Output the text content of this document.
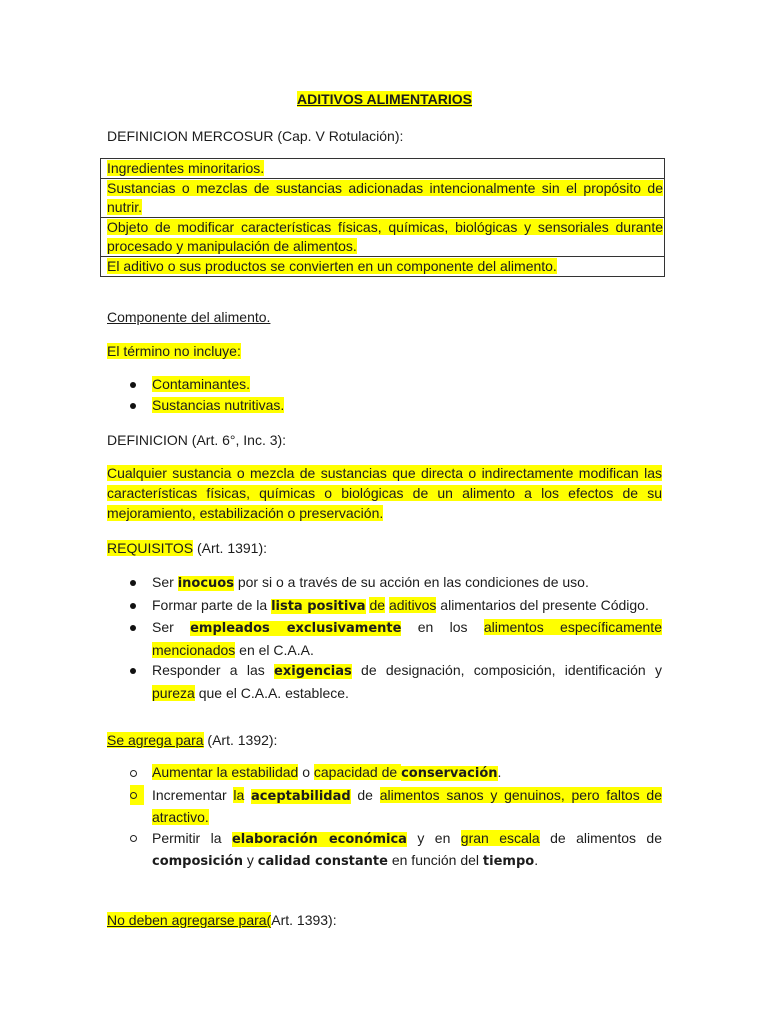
ADITIVOS ALIMENTARIOS
DEFINICION MERCOSUR (Cap. V Rotulación):
Ingredientes minoritarios.
Sustancias o mezclas de sustancias adicionadas intencionalmente sin el propósito de nutrir.
Objeto de modificar características físicas, químicas, biológicas y sensoriales durante procesado y manipulación de alimentos.
El aditivo o sus productos se convierten en un componente del alimento.
Componente del alimento.
El término no incluye:
Contaminantes.
Sustancias nutritivas.
DEFINICION (Art. 6°, Inc. 3):
Cualquier sustancia o mezcla de sustancias que directa o indirectamente modifican las características físicas, químicas o biológicas de un alimento a los efectos de su mejoramiento, estabilización o preservación.
REQUISITOS (Art. 1391):
Ser inocuos por si o a través de su acción en las condiciones de uso.
Formar parte de la lista positiva de aditivos alimentarios del presente Código.
Ser empleados exclusivamente en los alimentos específicamente mencionados en el C.A.A.
Responder a las exigencias de designación, composición, identificación y pureza que el C.A.A. establece.
Se agrega para (Art. 1392):
Aumentar la estabilidad o capacidad de conservación.
Incrementar la aceptabilidad de alimentos sanos y genuinos, pero faltos de atractivo.
Permitir la elaboración económica y en gran escala de alimentos de composición y calidad constante en función del tiempo.
No deben agregarse para(Art. 1393):
